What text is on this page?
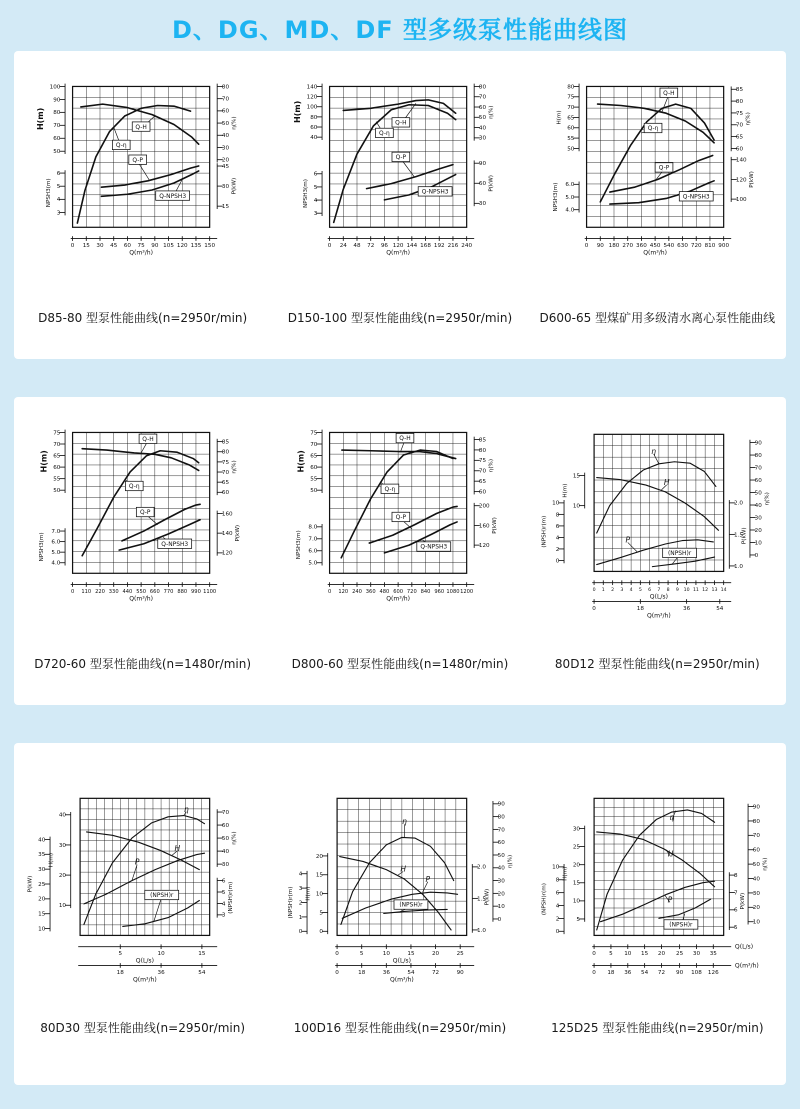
D、DG、MD、DF 型多级泵性能曲线图
Q-H
Q-η
Q-P
Q-NPSH3
100
90
80
70
60
50
H(m)
6
5
4
3
NPSH3(m)
80
70
60
50
40
30
20
η(%)
45
30
15
P(kW)
0 15 30 45 60 75 90 105 120 135 150
Q(m³/h)
D85-80 型泵性能曲线(n=2950r/min)
Q-H
Q-η
Q-P
Q-NPSH3
140
120
100
80
60
40
H(m)
6
5
4
3
NPSH3(m)
80
70
60
50
40
30
η(%)
90
60
30
P(kW)
0 24 48 72 96 120 144 168 192 216 240
Q(m³/h)
D150-100 型泵性能曲线(n=2950r/min)
Q-H
Q-η
Q-P
Q-NPSH3
80
75
70
65
60
55
50
H(m)
6.0
5.0
4.0
NPSH3(m)
85
80
75
70
65
60
η(%)
140
120
100
P(kW)
0 90 180 270 360 450 540 630 720 810 900
Q(m³/h)
D600-65 型煤矿用多级清水离心泵性能曲线
Q-H
Q-η
Q-P
Q-NPSH3
75
70
65
60
55
50
H(m)
7.0
6.0
5.0
4.0
NPSH3(m)
85
80
75
70
65
60
η(%)
160
140
120
P(kW)
0 110 220 330 440 550 660 770 880 990 1100
Q(m³/h)
D720-60 型泵性能曲线(n=1480r/min)
Q-H
Q-η
Q-P
Q-NPSH3
75
70
65
60
55
50
H(m)
8.0
7.0
6.0
5.0
NPSH3(m)
85
80
75
70
65
60
η(%)
200
160
120
P(kW)
0 120 240 360 480 600 720 840 960 1080 1200
Q(m³/h)
D800-60 型泵性能曲线(n=1480r/min)
η
H
P
(NPSH)r
10
8
6
4
2
0
(NPSH)r(m)
15
10
H(m)
2.0
1.5
1.0
90
80
70
60
50
40
30
20
10
0
η(%)
P(kW)
0 1 2 3 4 5 6 7 8 9 10 11 12 13 14
Q(L/s)
0	18	36	54
Q(m³/h)
80D12 型泵性能曲线(n=2950r/min)
η
H
P
(NPSH)r
40
35
30
25
20
15
10
P(kW)
40
30
20
10
H(m)
70
60
50
40
30
η(%)
6
5
4
3
(NPSH)r(m)
5	10	15
Q(L/s)
18	36	54
Q(m³/h)
80D30 型泵性能曲线(n=2950r/min)
η
H
P
(NPSH)r
4
3
2
1
0
(NPSH)r(m)
20
15
10
5
0
H(m)
2.0
1.5
1.0
90
80
70
60
50
40
30
20
10
0
η(%)
P(kW)
0	5	10	15	20	25
Q(L/s)
0	18	36	54	72	90
Q(m³/h)
100D16 型泵性能曲线(n=2950r/min)
η
H
P
(NPSH)r
10
8
6
4
2
0
(NPSH)r(m)
30
25
20
15
10
5
H(m)	8
7
6
5
P(kW)
90
80
70
60
50
40
30
20
10
η(%)
0 5 10 15 20 25 30 35
Q(L/s)
0 18 36 54 72 90 108 126
Q(m³/h)
125D25 型泵性能曲线(n=2950r/min)
